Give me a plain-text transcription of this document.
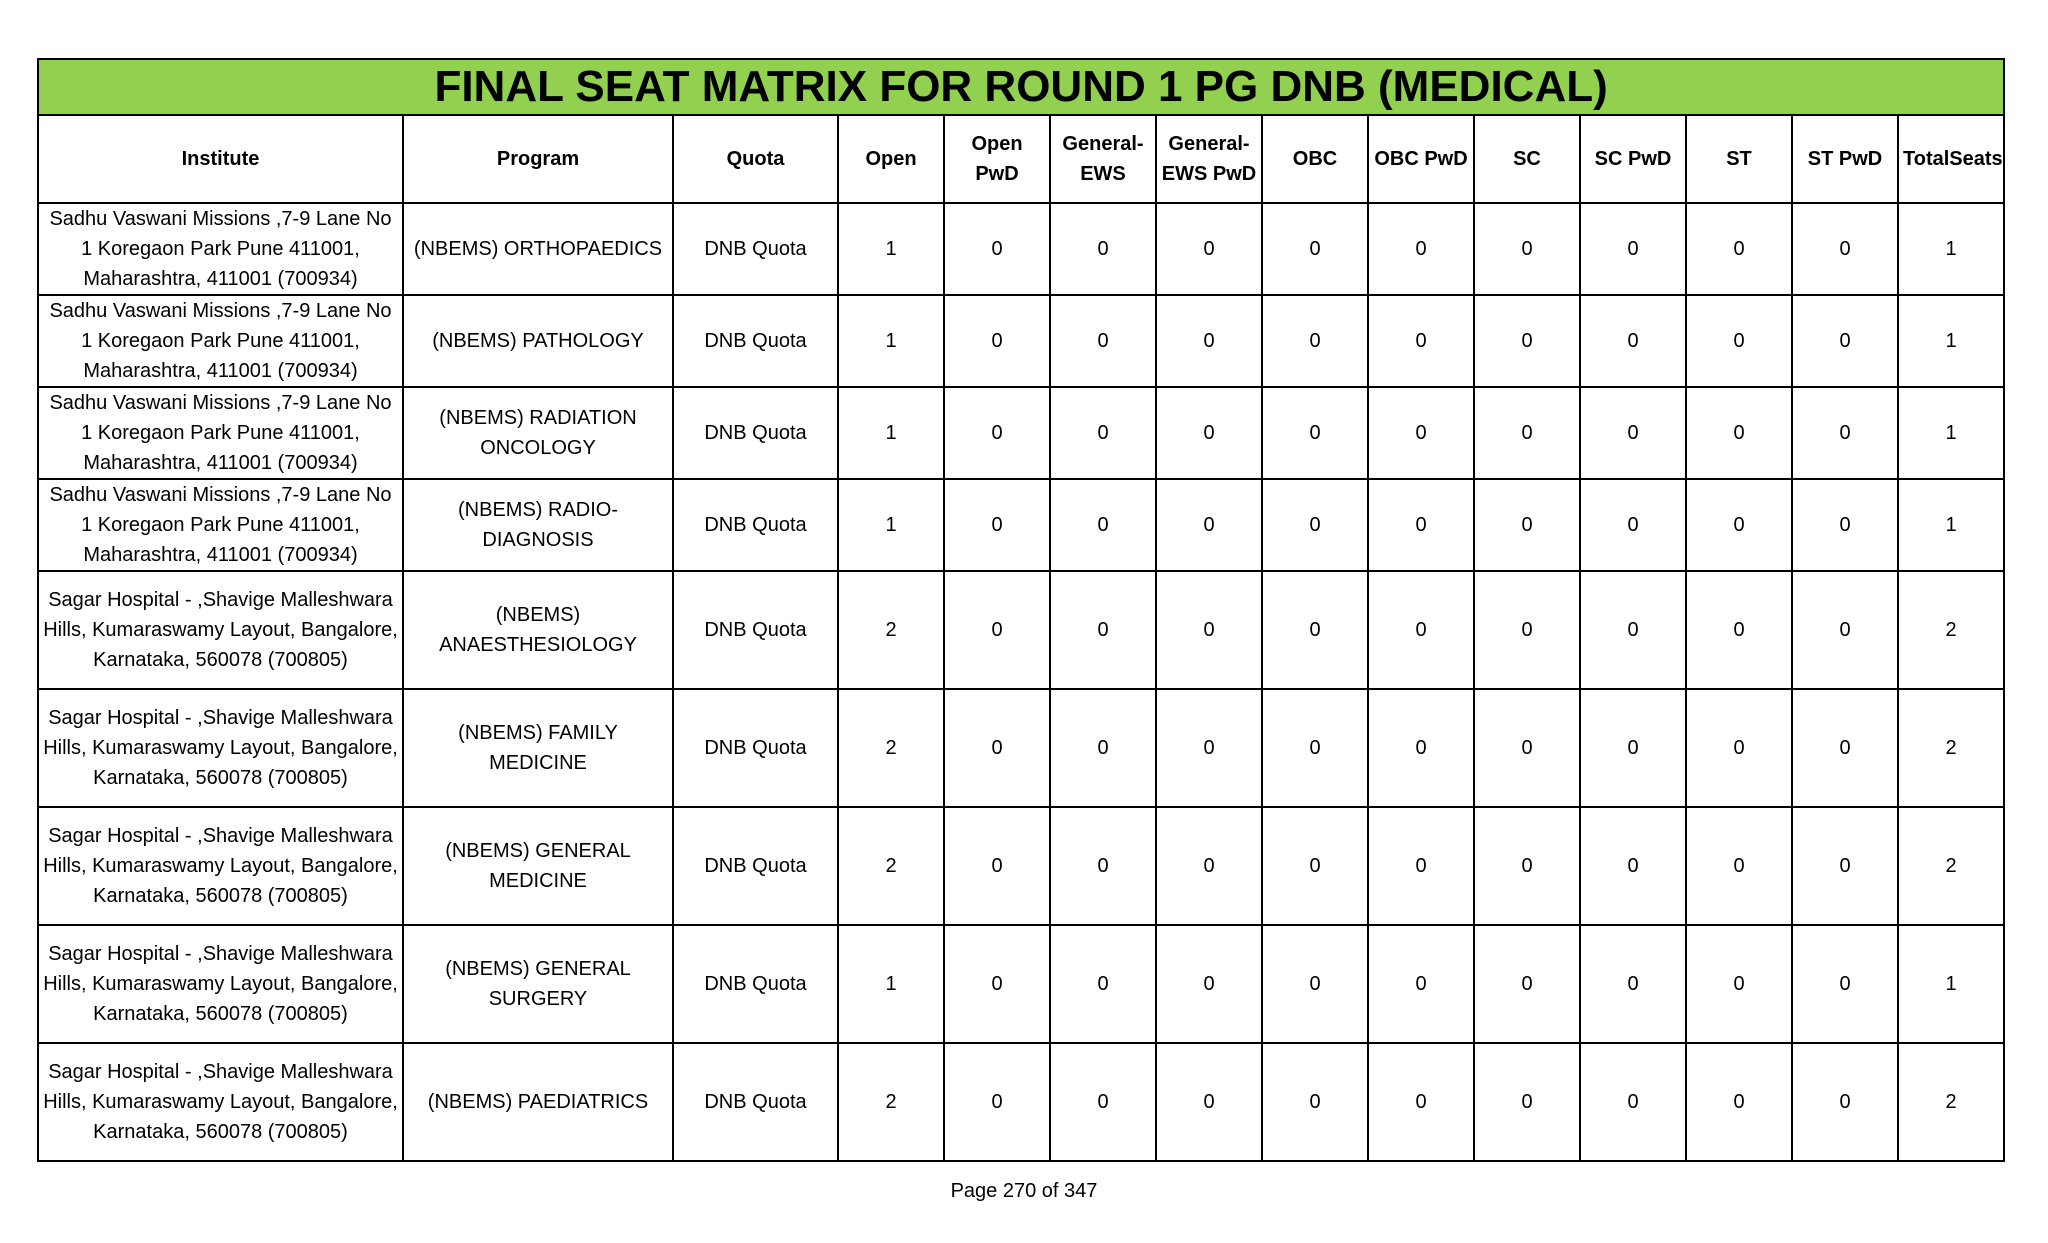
FINAL SEAT MATRIX FOR ROUND 1 PG DNB (MEDICAL)													
Institute	Program	Quota	Open	Open PwD	General-EWS	General-EWS PwD	OBC	OBC PwD	SC	SC PwD	ST	ST PwD	TotalSeats
Sadhu Vaswani Missions ,7-9 Lane No 1 Koregaon Park Pune 411001, Maharashtra, 411001 (700934)	(NBEMS) ORTHOPAEDICS	DNB Quota	1	0	0	0	0	0	0	0	0	0	1
Sadhu Vaswani Missions ,7-9 Lane No 1 Koregaon Park Pune 411001, Maharashtra, 411001 (700934)	(NBEMS) PATHOLOGY	DNB Quota	1	0	0	0	0	0	0	0	0	0	1
Sadhu Vaswani Missions ,7-9 Lane No 1 Koregaon Park Pune 411001, Maharashtra, 411001 (700934)	(NBEMS) RADIATION ONCOLOGY	DNB Quota	1	0	0	0	0	0	0	0	0	0	1
Sadhu Vaswani Missions ,7-9 Lane No 1 Koregaon Park Pune 411001, Maharashtra, 411001 (700934)	(NBEMS) RADIO-DIAGNOSIS	DNB Quota	1	0	0	0	0	0	0	0	0	0	1
Sagar Hospital - ,Shavige Malleshwara Hills, Kumaraswamy Layout, Bangalore, Karnataka, 560078 (700805)	(NBEMS) ANAESTHESIOLOGY	DNB Quota	2	0	0	0	0	0	0	0	0	0	2
Sagar Hospital - ,Shavige Malleshwara Hills, Kumaraswamy Layout, Bangalore, Karnataka, 560078 (700805)	(NBEMS) FAMILY MEDICINE	DNB Quota	2	0	0	0	0	0	0	0	0	0	2
Sagar Hospital - ,Shavige Malleshwara Hills, Kumaraswamy Layout, Bangalore, Karnataka, 560078 (700805)	(NBEMS) GENERAL MEDICINE	DNB Quota	2	0	0	0	0	0	0	0	0	0	2
Sagar Hospital - ,Shavige Malleshwara Hills, Kumaraswamy Layout, Bangalore, Karnataka, 560078 (700805)	(NBEMS) GENERAL SURGERY	DNB Quota	1	0	0	0	0	0	0	0	0	0	1
Sagar Hospital - ,Shavige Malleshwara Hills, Kumaraswamy Layout, Bangalore, Karnataka, 560078 (700805)	(NBEMS) PAEDIATRICS	DNB Quota	2	0	0	0	0	0	0	0	0	0	2
Page 270 of 347
